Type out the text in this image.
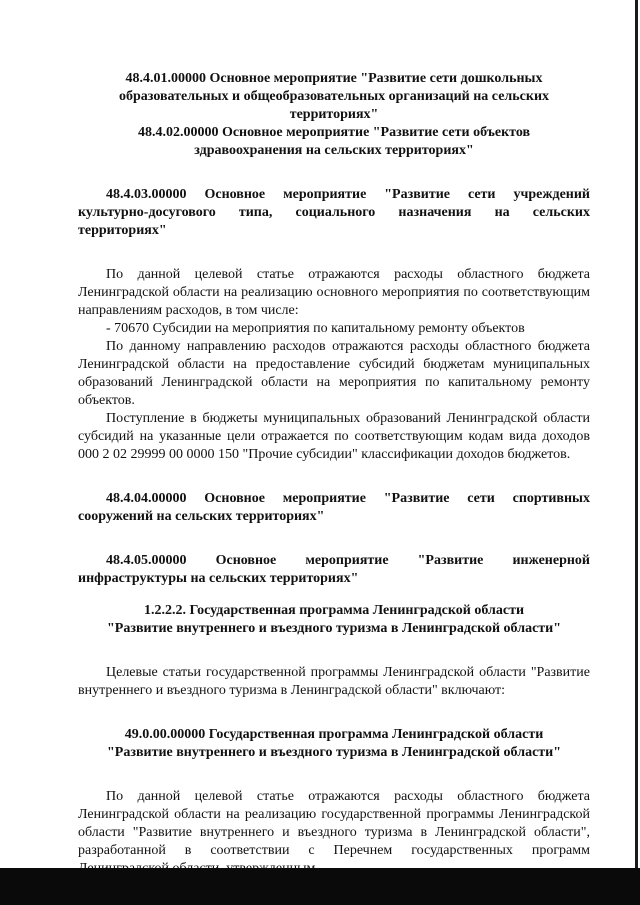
48.4.01.00000 Основное мероприятие "Развитие сети дошкольных

образовательных и общеобразовательных организаций на сельских

территориях"

48.4.02.00000 Основное мероприятие "Развитие сети объектов

здравоохранения на сельских территориях"

48.4.03.00000 Основное мероприятие "Развитие сети учреждений

культурно-досугового типа, социального назначения на сельских

территориях"

По данной целевой статье отражаются расходы областного бюджета Ленинградской области на реализацию основного мероприятия по соответствующим направлениям расходов, в том числе:

- 70670 Субсидии на мероприятия по капитальному ремонту объектов

По данному направлению расходов отражаются расходы областного бюджета Ленинградской области на предоставление субсидий бюджетам муниципальных образований Ленинградской области на мероприятия по капитальному ремонту объектов.

Поступление в бюджеты муниципальных образований Ленинградской области субсидий на указанные цели отражается по соответствующим кодам вида доходов 000 2 02 29999 00 0000 150 "Прочие субсидии" классификации доходов бюджетов.

48.4.04.00000 Основное мероприятие "Развитие сети спортивных

сооружений на сельских территориях"

48.4.05.00000 Основное мероприятие "Развитие инженерной

инфраструктуры на сельских территориях"

1.2.2.2. Государственная программа Ленинградской области

"Развитие внутреннего и въездного туризма в Ленинградской области"

Целевые статьи государственной программы Ленинградской области "Развитие внутреннего и въездного туризма в Ленинградской области" включают:

49.0.00.00000 Государственная программа Ленинградской области

"Развитие внутреннего и въездного туризма в Ленинградской области"

По данной целевой статье отражаются расходы областного бюджета Ленинградской области на реализацию государственной программы Ленинградской области "Развитие внутреннего и въездного туризма в Ленинградской области", разработанной в соответствии с Перечнем государственных программ
